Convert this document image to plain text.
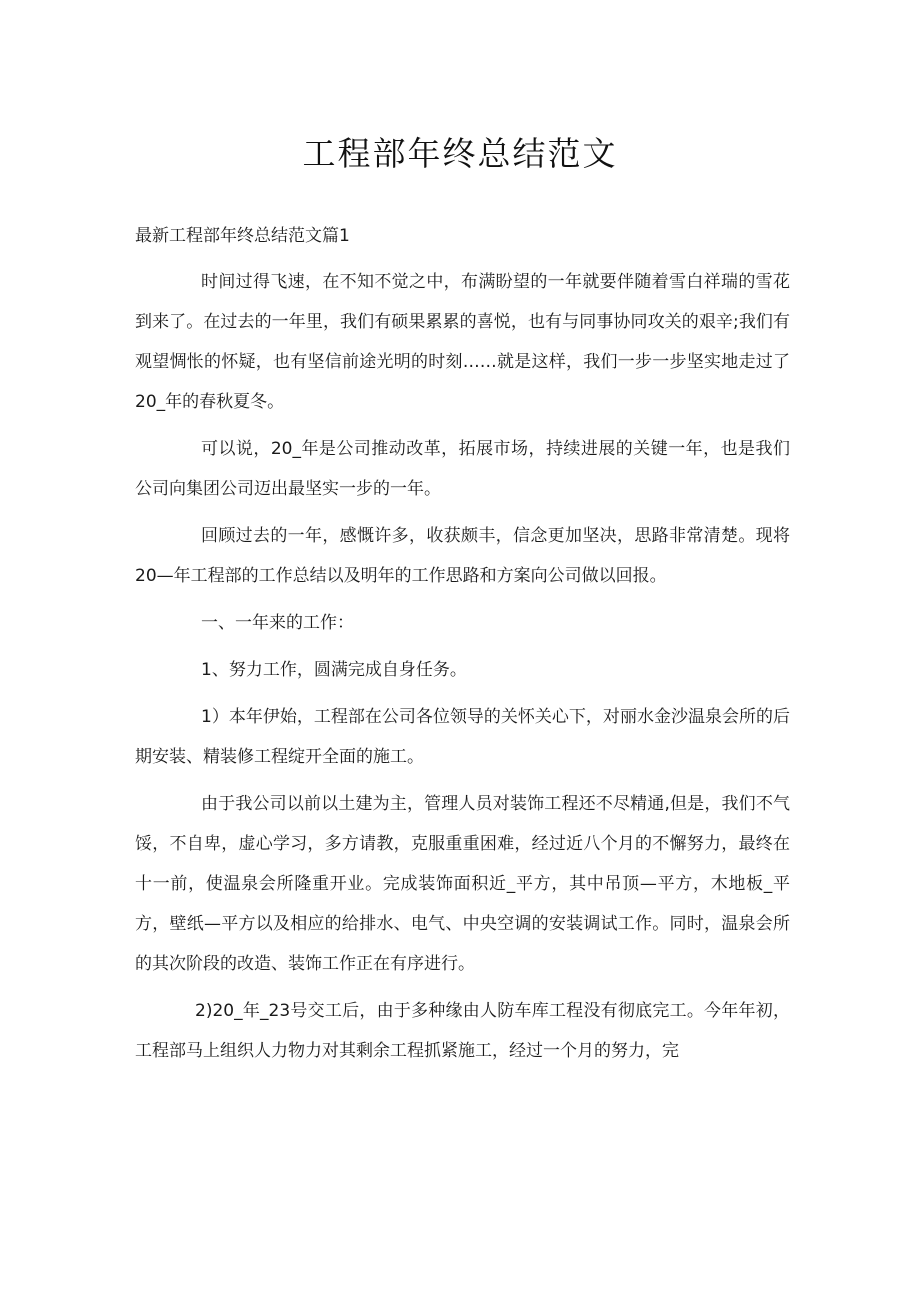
工程部年终总结范文
最新工程部年终总结范文篇1

时间过得飞速，在不知不觉之中，布满盼望的一年就要伴随着雪白祥瑞的雪花到来了。在过去的一年里，我们有硕果累累的喜悦，也有与同事协同攻关的艰辛;我们有观望惆怅的怀疑，也有坚信前途光明的时刻……就是这样，我们一步一步坚实地走过了20_年的春秋夏冬。

可以说，20_年是公司推动改革，拓展市场，持续进展的关键一年，也是我们公司向集团公司迈出最坚实一步的一年。

回顾过去的一年，感慨许多，收获颇丰，信念更加坚决，思路非常清楚。现将20—年工程部的工作总结以及明年的工作思路和方案向公司做以回报。

一、一年来的工作：

1、努力工作，圆满完成自身任务。

1）本年伊始，工程部在公司各位领导的关怀关心下，对丽水金沙温泉会所的后期安装、精装修工程绽开全面的施工。

由于我公司以前以土建为主，管理人员对装饰工程还不尽精通,但是，我们不气馁，不自卑，虚心学习，多方请教，克服重重困难，经过近八个月的不懈努力，最终在十一前，使温泉会所隆重开业。完成装饰面积近_平方，其中吊顶—平方，木地板_平方，壁纸—平方以及相应的给排水、电气、中央空调的安装调试工作。同时，温泉会所的其次阶段的改造、装饰工作正在有序进行。

2)20_年_23号交工后，由于多种缘由人防车库工程没有彻底完工。今年年初，工程部马上组织人力物力对其剩余工程抓紧施工，经过一个月的努力，完
